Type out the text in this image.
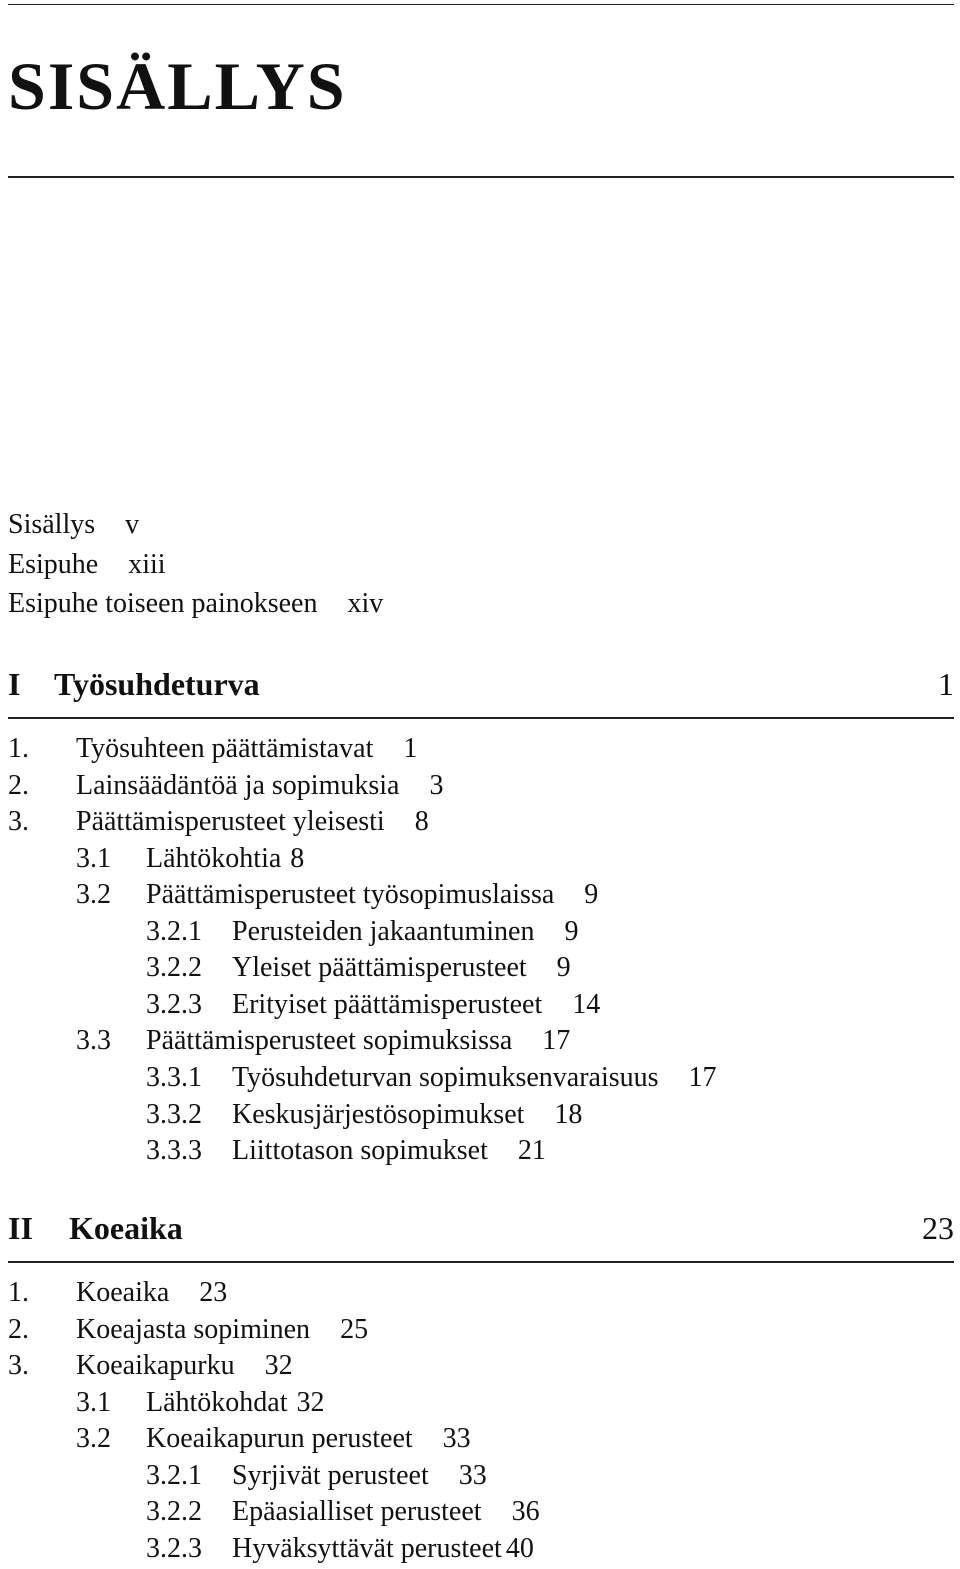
SISÄLLYS
Sisällys v
Esipuhe xiii
Esipuhe toiseen painokseen xiv
I Työsuhdeturva	1
1. Työsuhteen päättämistavat 1
2. Lainsäädäntöä ja sopimuksia 3
3. Päättämisperusteet yleisesti 8
3.1 Lähtökohtia 8
3.2 Päättämisperusteet työsopimuslaissa 9
3.2.1 Perusteiden jakaantuminen 9
3.2.2 Yleiset päättämisperusteet 9
3.2.3 Erityiset päättämisperusteet 14
3.3 Päättämisperusteet sopimuksissa 17
3.3.1 Työsuhdeturvan sopimuksenvaraisuus 17
3.3.2 Keskusjärjestösopimukset 18
3.3.3 Liittotason sopimukset 21
II Koeaika	23
1. Koeaika 23
2. Koeajasta sopiminen 25
3. Koeaikapurku 32
3.1 Lähtökohdat 32
3.2 Koeaikapurun perusteet 33
3.2.1 Syrjivät perusteet 33
3.2.2 Epäasialliset perusteet 36
3.2.3 Hyväksyttävät perusteet 40
